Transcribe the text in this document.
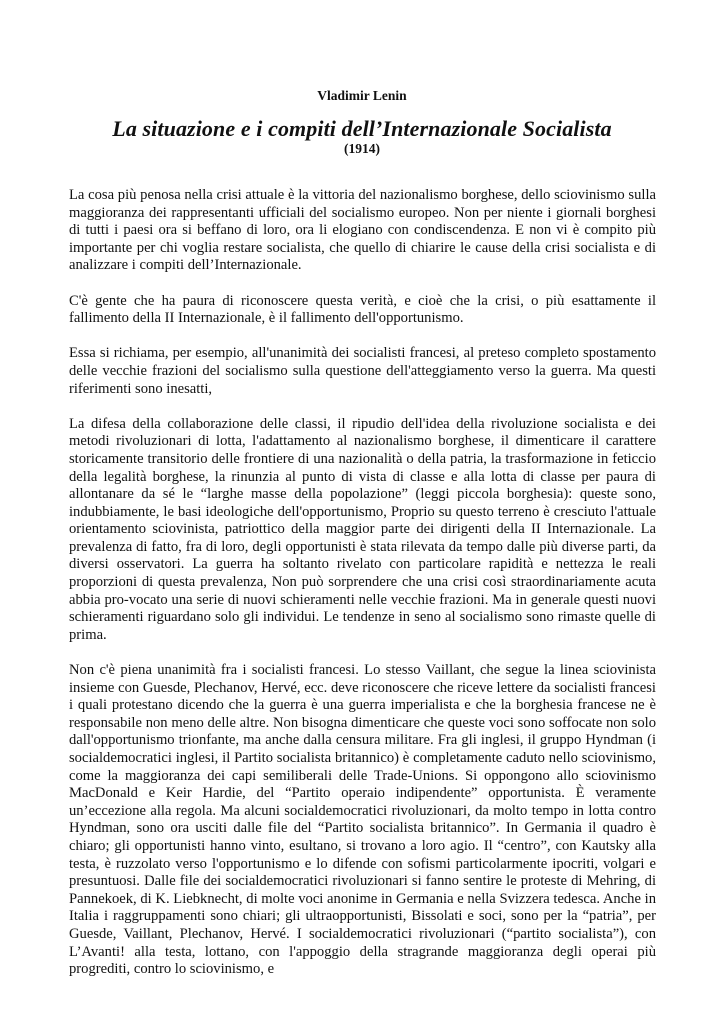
Vladimir Lenin
La situazione e i compiti dell’Internazionale Socialista
(1914)

La cosa più penosa nella crisi attuale è la vittoria del nazionalismo borghese, dello sciovinismo sulla maggioranza dei rappresentanti ufficiali del socialismo europeo. Non per niente i giornali borghesi di tutti i paesi ora si beffano di loro, ora li elogiano con condiscendenza. E non vi è compito più importante per chi voglia restare socialista, che quello di chiarire le cause della crisi socialista e di analizzare i compiti dell’Internazionale.

C'è gente che ha paura di riconoscere questa verità, e cioè che la crisi, o più esattamente il fallimento della II Internazionale, è il fallimento dell'opportunismo.

Essa si richiama, per esempio, all'unanimità dei socialisti francesi, al preteso completo spostamento delle vecchie frazioni del socialismo sulla questione dell'atteggiamento verso la guerra. Ma questi riferimenti sono inesatti,

La difesa della collaborazione delle classi, il ripudio dell'idea della rivoluzione socialista e dei metodi rivoluzionari di lotta, l'adattamento al nazionalismo borghese, il dimenticare il carattere storicamente transitorio delle frontiere di una nazionalità o della patria, la trasformazione in feticcio della legalità borghese, la rinunzia al punto di vista di classe e alla lotta di classe per paura di allontanare da sé le “larghe masse della popolazione” (leggi piccola borghesia): queste sono, indubbiamente, le basi ideologiche dell'opportunismo, Proprio su questo terreno è cresciuto l'attuale orientamento sciovinista, patriottico della maggior parte dei dirigenti della II Internazionale. La prevalenza di fatto, fra di loro, degli opportunisti è stata rilevata da tempo dalle più diverse parti, da diversi osservatori. La guerra ha soltanto rivelato con particolare rapidità e nettezza le reali proporzioni di questa prevalenza, Non può sorprendere che una crisi così straordinariamente acuta abbia pro-vocato una serie di nuovi schieramenti nelle vecchie frazioni. Ma in generale questi nuovi schieramenti riguardano solo gli individui. Le tendenze in seno al socialismo sono rimaste quelle di prima.

Non c'è piena unanimità fra i socialisti francesi. Lo stesso Vaillant, che segue la linea sciovinista insieme con Guesde, Plechanov, Hervé, ecc. deve riconoscere che riceve lettere da socialisti francesi i quali protestano dicendo che la guerra è una guerra imperialista e che la borghesia francese ne è responsabile non meno delle altre. Non bisogna dimenticare che queste voci sono soffocate non solo dall'opportunismo trionfante, ma anche dalla censura militare. Fra gli inglesi, il gruppo Hyndman (i socialdemocratici inglesi, il Partito socialista britannico) è completamente caduto nello sciovinismo, come la maggioranza dei capi semiliberali delle Trade-Unions. Si oppongono allo sciovinismo MacDonald e Keir Hardie, del “Partito operaio indipendente” opportunista. È veramente un’eccezione alla regola. Ma alcuni socialdemocratici rivoluzionari, da molto tempo in lotta contro Hyndman, sono ora usciti dalle file del “Partito socialista britannico”. In Germania il quadro è chiaro; gli opportunisti hanno vinto, esultano, si trovano a loro agio. Il “centro”, con Kautsky alla testa, è ruzzolato verso l'opportunismo e lo difende con sofismi particolarmente ipocriti, volgari e presuntuosi. Dalle file dei socialdemocratici rivoluzionari si fanno sentire le proteste di Mehring, di Pannekoek, di K. Liebknecht, di molte voci anonime in Germania e nella Svizzera tedesca. Anche in Italia i raggruppamenti sono chiari; gli ultraopportunisti, Bissolati e soci, sono per la “patria”, per Guesde, Vaillant, Plechanov, Hervé. I socialdemocratici rivoluzionari (“partito socialista”), con L’Avanti! alla testa, lottano, con l'appoggio della stragrande maggioranza degli operai più progrediti, contro lo sciovinismo, e
